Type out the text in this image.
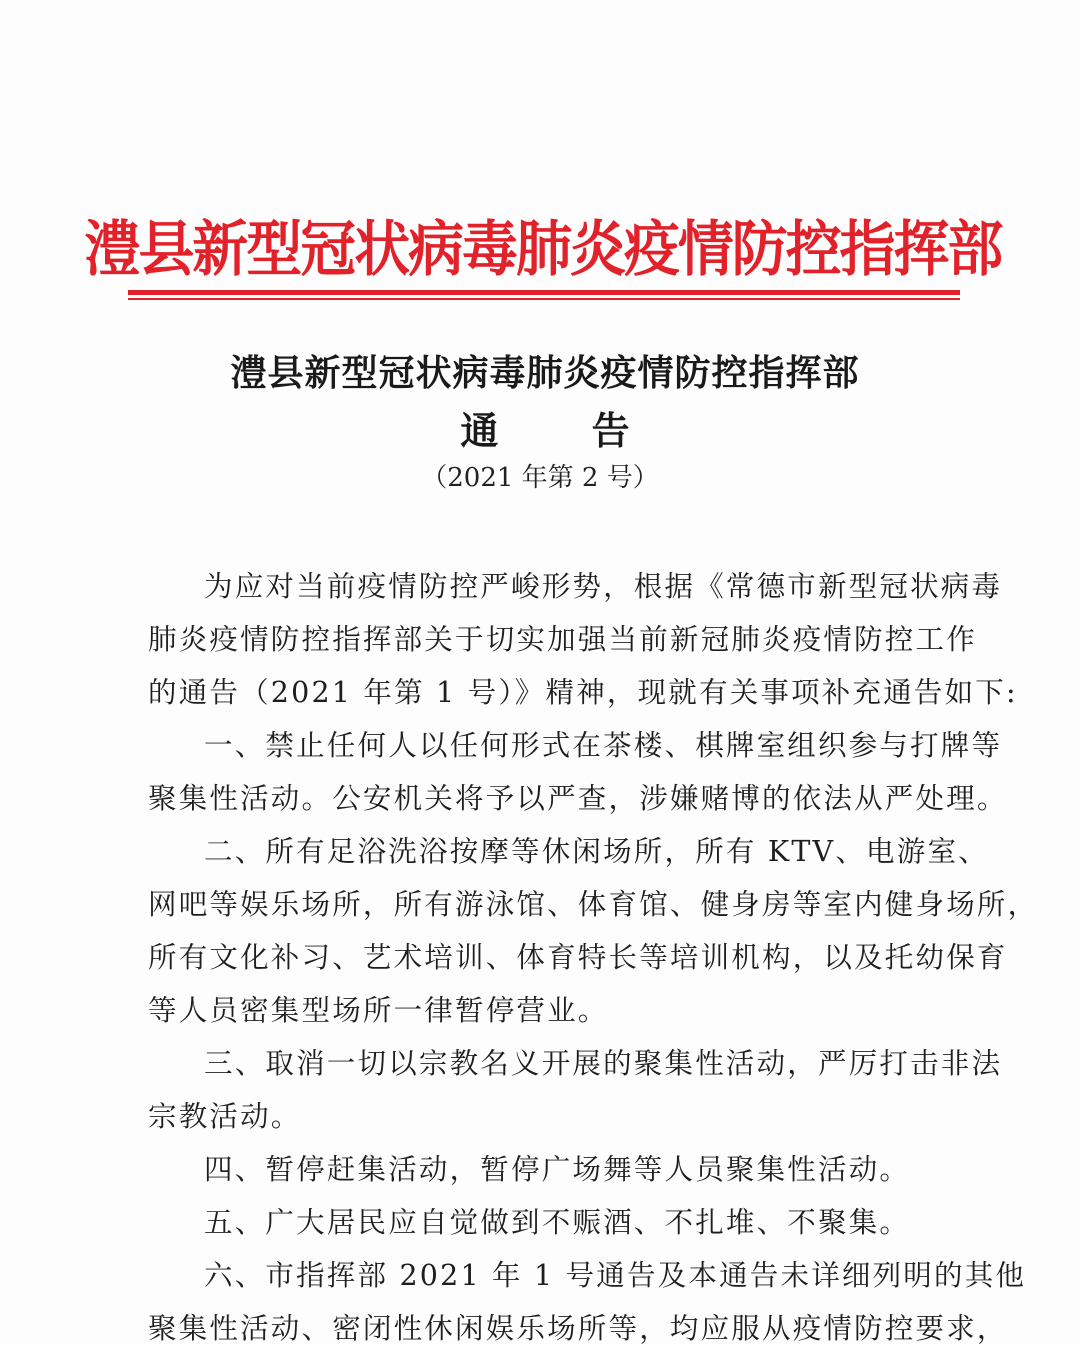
澧县新型冠状病毒肺炎疫情防控指挥部
澧县新型冠状病毒肺炎疫情防控指挥部
通 告
（2021 年第 2 号）
为应对当前疫情防控严峻形势，根据《常德市新型冠状病毒
肺炎疫情防控指挥部关于切实加强当前新冠肺炎疫情防控工作
的通告（2021 年第 1 号）》精神，现就有关事项补充通告如下:
一、禁止任何人以任何形式在茶楼、棋牌室组织参与打牌等
聚集性活动。公安机关将予以严查，涉嫌赌博的依法从严处理。
二、所有足浴洗浴按摩等休闲场所，所有 KTV、电游室、
网吧等娱乐场所，所有游泳馆、体育馆、健身房等室内健身场所，
所有文化补习、艺术培训、体育特长等培训机构，以及托幼保育
等人员密集型场所一律暂停营业。
三、取消一切以宗教名义开展的聚集性活动，严厉打击非法
宗教活动。
四、暂停赶集活动，暂停广场舞等人员聚集性活动。
五、广大居民应自觉做到不赈酒、不扎堆、不聚集。
六、市指挥部 2021 年 1 号通告及本通告未详细列明的其他
聚集性活动、密闭性休闲娱乐场所等，均应服从疫情防控要求，
